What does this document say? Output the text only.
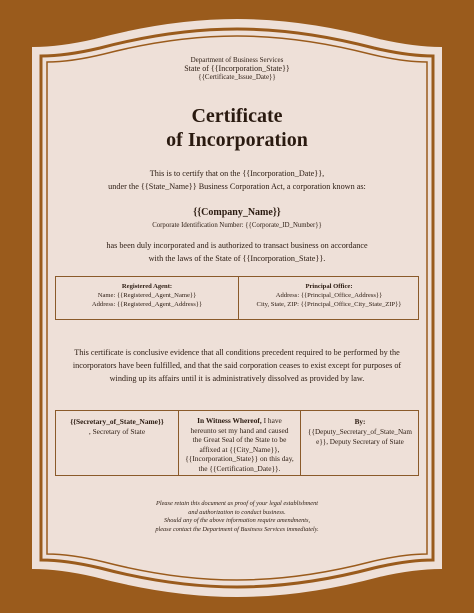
Department of Business Services
State of {{Incorporation_State}}
{{Certificate_Issue_Date}}
Certificate
of Incorporation
This is to certify that on the {{Incorporation_Date}},
under the {{State_Name}} Business Corporation Act, a corporation known as:
{{Company_Name}}
Corporate Identification Number: {{Corporate_ID_Number}}
has been duly incorporated and is authorized to transact business on accordance
with the laws of the State of {{Incorporation_State}}.
Registered Agent:
Name: {{Registered_Agent_Name}}
Address: {{Registered_Agent_Address}}
Principal Office:
Address: {{Principal_Office_Address}}
City, State, ZIP: {{Principal_Office_City_State_ZIP}}
This certificate is conclusive evidence that all conditions precedent required to be performed by the
incorporators have been fulfilled, and that the said corporation ceases to exist except for purposes of
winding up its affairs until it is administratively dissolved as provided by law.
{{Secretary_of_State_Name}}
, Secretary of State
In Witness Whereof, I have
hereunto set my hand and caused
the Great Seal of the State to be
affixed at {{City_Name}},
{{Incorporation_State}} on this day,
the {{Certification_Date}}.
By:
{{Deputy_Secretary_of_State_Nam
e}}, Deputy Secretary of State
Please retain this document as proof of your legal establishment
and authorization to conduct business.
Should any of the above information require amendments,
please contact the Department of Business Services immediately.
